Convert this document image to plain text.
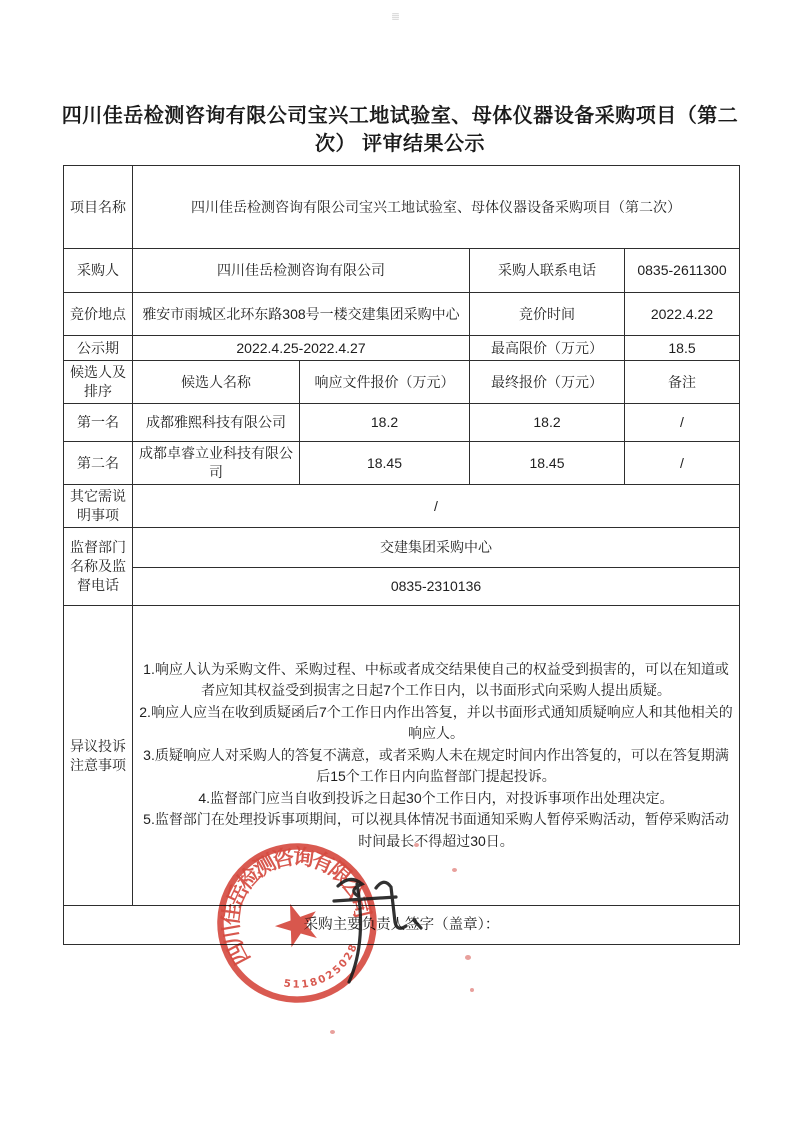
四川佳岳检测咨询有限公司宝兴工地试验室、母体仪器设备采购项目（第二次） 评审结果公示
项目名称	四川佳岳检测咨询有限公司宝兴工地试验室、母体仪器设备采购项目（第二次）			
采购人	四川佳岳检测咨询有限公司		采购人联系电话	0835-2611300
竞价地点	雅安市雨城区北环东路308号一楼交建集团采购中心		竞价时间	2022.4.22
公示期	2022.4.25-2022.4.27		最高限价（万元）	18.5
候选人及排序	候选人名称	响应文件报价（万元）	最终报价（万元）	备注
第一名	成都雅熙科技有限公司	18.2	18.2	/
第二名	成都卓睿立业科技有限公司	18.45	18.45	/
其它需说明事项	/			
监督部门名称及监督电话	交建集团采购中心			
	0835-2310136			
异议投诉注意事项	1.响应人认为采购文件、采购过程、中标或者成交结果使自己的权益受到损害的，可以在知道或者应知其权益受到损害之日起7个工作日内，以书面形式向采购人提出质疑。
2.响应人应当在收到质疑函后7个工作日内作出答复，并以书面形式通知质疑响应人和其他相关的响应人。
3.质疑响应人对采购人的答复不满意，或者采购人未在规定时间内作出答复的，可以在答复期满后15个工作日内向监督部门提起投诉。
4.监督部门应当自收到投诉之日起30个工作日内，对投诉事项作出处理决定。
5.监督部门在处理投诉事项期间，可以视具体情况书面通知采购人暂停采购活动，暂停采购活动时间最长不得超过30日。			

采购主要负责人签字（盖章）：				
四川佳岳检测咨询有限公司
5118025028
★
